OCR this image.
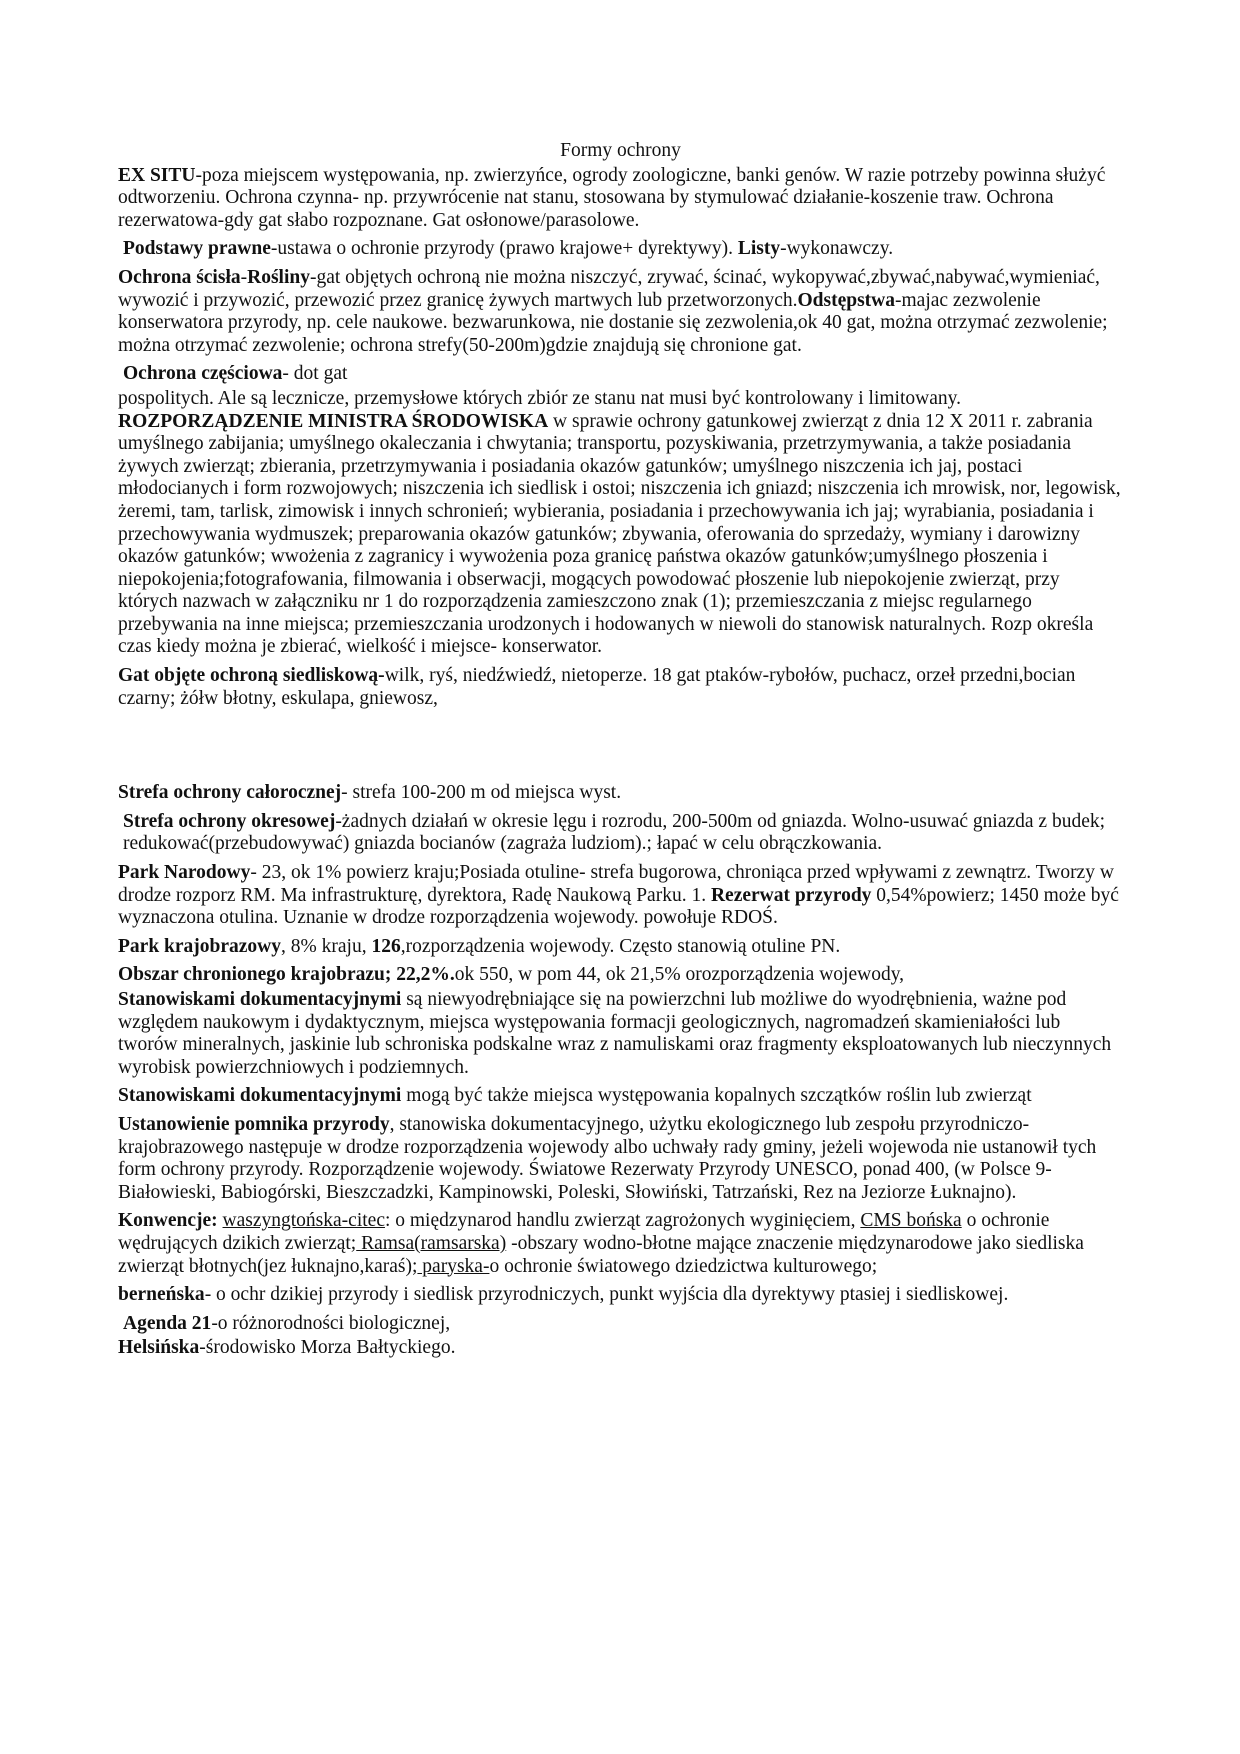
Formy ochrony

EX SITU-poza miejscem występowania, np. zwierzyńce, ogrody zoologiczne, banki genów. W razie potrzeby powinna służyć odtworzeniu. Ochrona czynna- np. przywrócenie nat stanu, stosowana by stymulować działanie-koszenie traw. Ochrona rezerwatowa-gdy gat słabo rozpoznane. Gat osłonowe/parasolowe.

Podstawy prawne-ustawa o ochronie przyrody (prawo krajowe+ dyrektywy). Listy-wykonawczy.

Ochrona ścisła-Rośliny-gat objętych ochroną nie można niszczyć, zrywać, ścinać, wykopywać,zbywać,nabywać,wymieniać, wywozić i przywozić, przewozić przez granicę żywych martwych lub przetworzonych.Odstępstwa-majac zezwolenie konserwatora przyrody, np. cele naukowe. bezwarunkowa, nie dostanie się zezwolenia,ok 40 gat, można otrzymać zezwolenie; można otrzymać zezwolenie; ochrona strefy(50-200m)gdzie znajdują się chronione gat.

Ochrona częściowa- dot gat

pospolitych. Ale są lecznicze, przemysłowe których zbiór ze stanu nat musi być kontrolowany i limitowany. ROZPORZĄDZENIE MINISTRA ŚRODOWISKA w sprawie ochrony gatunkowej zwierząt z dnia 12 X 2011 r. zabrania umyślnego zabijania; umyślnego okaleczania i chwytania; transportu, pozyskiwania, przetrzymywania, a także posiadania żywych zwierząt; zbierania, przetrzymywania i posiadania okazów gatunków; umyślnego niszczenia ich jaj, postaci młodocianych i form rozwojowych; niszczenia ich siedlisk i ostoi; niszczenia ich gniazd; niszczenia ich mrowisk, nor, legowisk, żeremi, tam, tarlisk, zimowisk i innych schronień; wybierania, posiadania i przechowywania ich jaj; wyrabiania, posiadania i przechowywania wydmuszek; preparowania okazów gatunków; zbywania, oferowania do sprzedaży, wymiany i darowizny okazów gatunków; wwożenia z zagranicy i wywożenia poza granicę państwa okazów gatunków;umyślnego płoszenia i niepokojenia;fotografowania, filmowania i obserwacji, mogących powodować płoszenie lub niepokojenie zwierząt, przy których nazwach w załączniku nr 1 do rozporządzenia zamieszczono znak (1); przemieszczania z miejsc regularnego przebywania na inne miejsca; przemieszczania urodzonych i hodowanych w niewoli do stanowisk naturalnych. Rozp określa czas kiedy można je zbierać, wielkość i miejsce- konserwator.

Gat objęte ochroną siedliskową-wilk, ryś, niedźwiedź, nietoperze. 18 gat ptaków-rybołów, puchacz, orzeł przedni,bocian czarny; żółw błotny, eskulapa, gniewosz,

Strefa ochrony całorocznej- strefa 100-200 m od miejsca wyst.

Strefa ochrony okresowej-żadnych działań w okresie lęgu i rozrodu, 200-500m od gniazda. Wolno-usuwać gniazda z budek; redukować(przebudowywać) gniazda bocianów (zagraża ludziom).; łapać w celu obrączkowania.

Park Narodowy- 23, ok 1% powierz kraju;Posiada otuline- strefa bugorowa, chroniąca przed wpływami z zewnątrz. Tworzy w drodze rozporz RM. Ma infrastrukturę, dyrektora, Radę Naukową Parku. 1. Rezerwat przyrody 0,54%powierz; 1450 może być wyznaczona otulina. Uznanie w drodze rozporządzenia wojewody. powołuje RDOŚ.

Park krajobrazowy, 8% kraju, 126,rozporządzenia wojewody. Często stanowią otuline PN.

Obszar chronionego krajobrazu; 22,2%.ok 550, w pom 44, ok 21,5% orozporządzenia wojewody,

Stanowiskami dokumentacyjnymi są niewyodrębniające się na powierzchni lub możliwe do wyodrębnienia, ważne pod względem naukowym i dydaktycznym, miejsca występowania formacji geologicznych, nagromadzeń skamieniałości lub tworów mineralnych, jaskinie lub schroniska podskalne wraz z namuliskami oraz fragmenty eksploatowanych lub nieczynnych wyrobisk powierzchniowych i podziemnych.

Stanowiskami dokumentacyjnymi mogą być także miejsca występowania kopalnych szczątków roślin lub zwierząt

Ustanowienie pomnika przyrody, stanowiska dokumentacyjnego, użytku ekologicznego lub zespołu przyrodniczo-krajobrazowego następuje w drodze rozporządzenia wojewody albo uchwały rady gminy, jeżeli wojewoda nie ustanowił tych form ochrony przyrody. Rozporządzenie wojewody. Światowe Rezerwaty Przyrody UNESCO, ponad 400, (w Polsce 9- Białowieski, Babiogórski, Bieszczadzki, Kampinowski, Poleski, Słowiński, Tatrzański, Rez na Jeziorze Łuknajno).

Konwencje: waszyngtońska-citec: o międzynarod handlu zwierząt zagrożonych wyginięciem, CMS bońska o ochronie wędrujących dzikich zwierząt; Ramsa(ramsarska) -obszary wodno-błotne mające znaczenie międzynarodowe jako siedliska zwierząt błotnych(jez łuknajno,karaś); paryska-o ochronie światowego dziedzictwa kulturowego;

berneńska- o ochr dzikiej przyrody i siedlisk przyrodniczych, punkt wyjścia dla dyrektywy ptasiej i siedliskowej.

Agenda 21-o różnorodności biologicznej,

Helsińska-środowisko Morza Bałtyckiego.
